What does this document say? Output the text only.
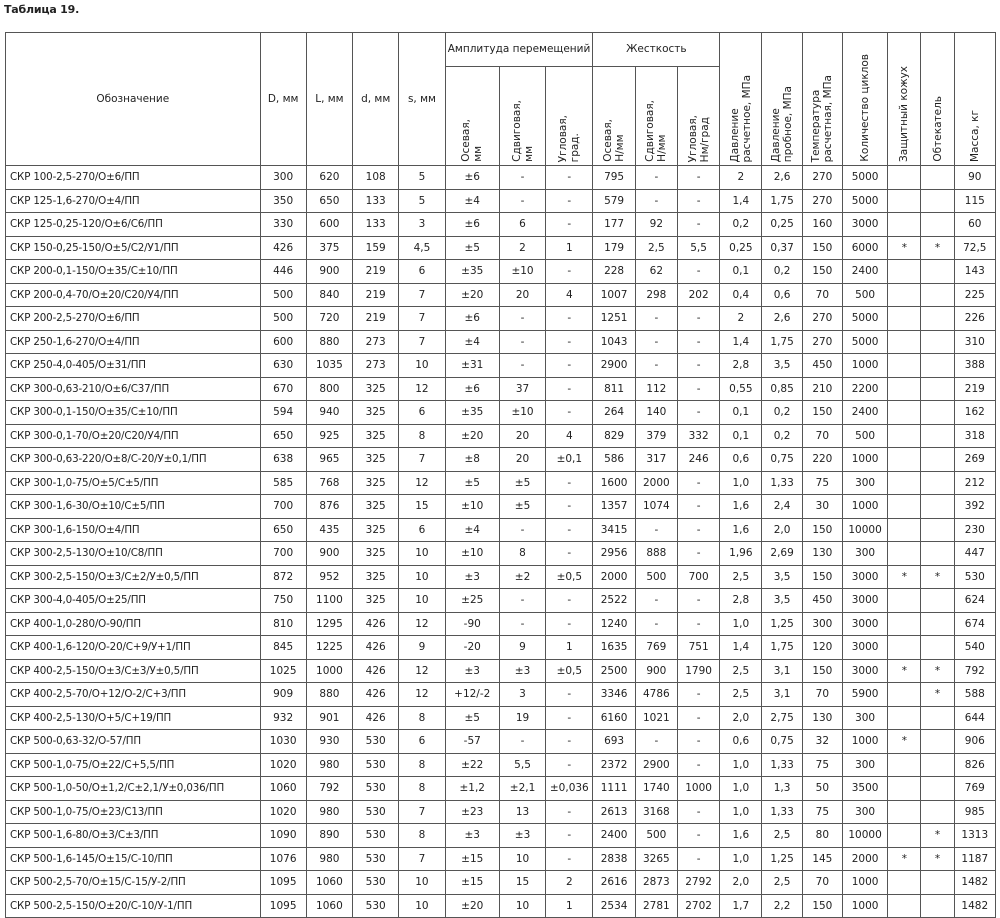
Таблица 19.
Обозначение	D, мм	L, мм	d, мм	s, мм	Амплитуда перемещений			Жесткость			Давление расчетное, МПа	Давление пробное, МПа	Температура расчетная, МПа	Количество циклов	Защитный кожух	Обтекатель	Масса, кг

					Осевая, мм	Сдвиговая, мм	Угловая, град.	Осевая, Н/мм	Сдвиговая, Н/мм	Угловая, Нм/град							

СКР 100-2,5-270/О±6/ПП	300	620	108	5	±6	-	-	795	-	-	2	2,6	270	5000			90
СКР 125-1,6-270/О±4/ПП	350	650	133	5	±4	-	-	579	-	-	1,4	1,75	270	5000			115
СКР 125-0,25-120/О±6/С6/ПП	330	600	133	3	±6	6	-	177	92	-	0,2	0,25	160	3000			60
СКР 150-0,25-150/О±5/С2/У1/ПП	426	375	159	4,5	±5	2	1	179	2,5	5,5	0,25	0,37	150	6000	*	*	72,5
СКР 200-0,1-150/О±35/С±10/ПП	446	900	219	6	±35	±10	-	228	62	-	0,1	0,2	150	2400			143
СКР 200-0,4-70/О±20/С20/У4/ПП	500	840	219	7	±20	20	4	1007	298	202	0,4	0,6	70	500			225
СКР 200-2,5-270/О±6/ПП	500	720	219	7	±6	-	-	1251	-	-	2	2,6	270	5000			226
СКР 250-1,6-270/О±4/ПП	600	880	273	7	±4	-	-	1043	-	-	1,4	1,75	270	5000			310
СКР 250-4,0-405/О±31/ПП	630	1035	273	10	±31	-	-	2900	-	-	2,8	3,5	450	1000			388
СКР 300-0,63-210/О±6/С37/ПП	670	800	325	12	±6	37	-	811	112	-	0,55	0,85	210	2200			219
СКР 300-0,1-150/О±35/С±10/ПП	594	940	325	6	±35	±10	-	264	140	-	0,1	0,2	150	2400			162
СКР 300-0,1-70/О±20/С20/У4/ПП	650	925	325	8	±20	20	4	829	379	332	0,1	0,2	70	500			318
СКР 300-0,63-220/О±8/С-20/У±0,1/ПП	638	965	325	7	±8	20	±0,1	586	317	246	0,6	0,75	220	1000			269
СКР 300-1,0-75/О±5/С±5/ПП	585	768	325	12	±5	±5	-	1600	2000	-	1,0	1,33	75	300			212
СКР 300-1,6-30/О±10/С±5/ПП	700	876	325	15	±10	±5	-	1357	1074	-	1,6	2,4	30	1000			392
СКР 300-1,6-150/О±4/ПП	650	435	325	6	±4	-	-	3415	-	-	1,6	2,0	150	10000			230
СКР 300-2,5-130/О±10/С8/ПП	700	900	325	10	±10	8	-	2956	888	-	1,96	2,69	130	300			447
СКР 300-2,5-150/О±3/С±2/У±0,5/ПП	872	952	325	10	±3	±2	±0,5	2000	500	700	2,5	3,5	150	3000	*	*	530
СКР 300-4,0-405/О±25/ПП	750	1100	325	10	±25	-	-	2522	-	-	2,8	3,5	450	3000			624
СКР 400-1,0-280/О-90/ПП	810	1295	426	12	-90	-	-	1240	-	-	1,0	1,25	300	3000			674
СКР 400-1,6-120/О-20/С+9/У+1/ПП	845	1225	426	9	-20	9	1	1635	769	751	1,4	1,75	120	3000			540
СКР 400-2,5-150/О±3/С±3/У±0,5/ПП	1025	1000	426	12	±3	±3	±0,5	2500	900	1790	2,5	3,1	150	3000	*	*	792
СКР 400-2,5-70/О+12/О-2/С+3/ПП	909	880	426	12	+12/-2	3	-	3346	4786	-	2,5	3,1	70	5900		*	588
СКР 400-2,5-130/О+5/С+19/ПП	932	901	426	8	±5	19	-	6160	1021	-	2,0	2,75	130	300			644
СКР 500-0,63-32/О-57/ПП	1030	930	530	6	-57	-	-	693	-	-	0,6	0,75	32	1000	*		906
СКР 500-1,0-75/О±22/С+5,5/ПП	1020	980	530	8	±22	5,5	-	2372	2900	-	1,0	1,33	75	300			826
СКР 500-1,0-50/О±1,2/С±2,1/У±0,036/ПП	1060	792	530	8	±1,2	±2,1	±0,036	1111	1740	1000	1,0	1,3	50	3500			769
СКР 500-1,0-75/О±23/С13/ПП	1020	980	530	7	±23	13	-	2613	3168	-	1,0	1,33	75	300			985
СКР 500-1,6-80/О±3/С±3/ПП	1090	890	530	8	±3	±3	-	2400	500	-	1,6	2,5	80	10000		*	1313
СКР 500-1,6-145/О±15/С-10/ПП	1076	980	530	7	±15	10	-	2838	3265	-	1,0	1,25	145	2000	*	*	1187
СКР 500-2,5-70/О±15/С-15/У-2/ПП	1095	1060	530	10	±15	15	2	2616	2873	2792	2,0	2,5	70	1000			1482
СКР 500-2,5-150/О±20/С-10/У-1/ПП	1095	1060	530	10	±20	10	1	2534	2781	2702	1,7	2,2	150	1000			1482
